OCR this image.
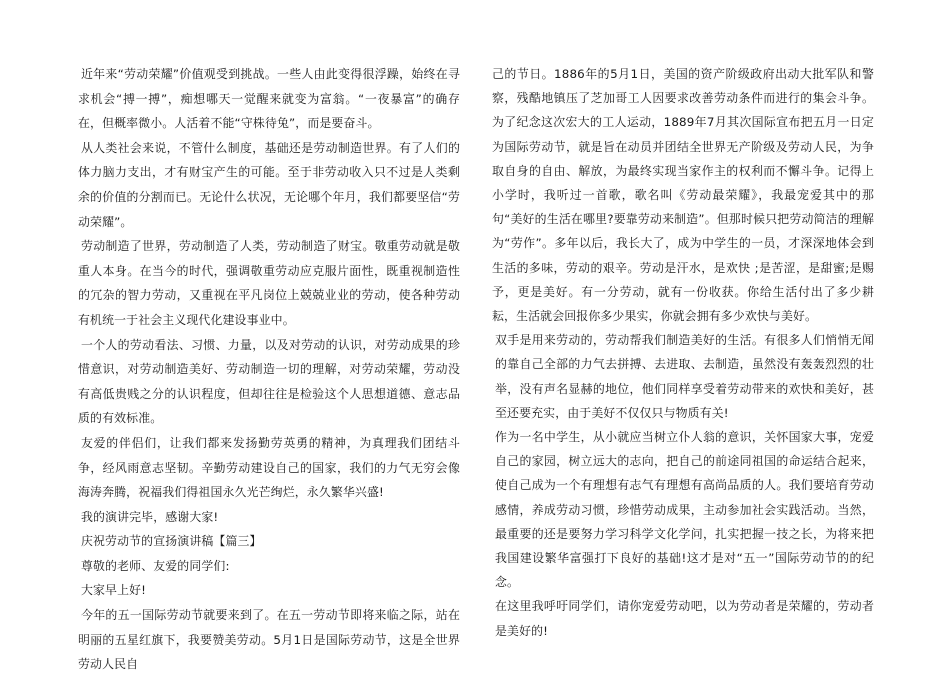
近年来“劳动荣耀”价值观受到挑战。一些人由此变得很浮躁，始终在寻求机会“搏一搏”，痴想哪天一觉醒来就变为富翁。“一夜暴富”的确存在，但概率微小。人活着不能“守株待兔”，而是要奋斗。

从人类社会来说，不管什么制度，基础还是劳动制造世界。有了人们的体力脑力支出，才有财宝产生的可能。至于非劳动收入只不过是人类剩余的价值的分割而已。无论什么状况，无论哪个年月，我们都要坚信“劳动荣耀”。

劳动制造了世界，劳动制造了人类，劳动制造了财宝。敬重劳动就是敬重人本身。在当今的时代，强调敬重劳动应克服片面性，既重视制造性的冗杂的智力劳动，又重视在平凡岗位上兢兢业业的劳动，使各种劳动有机统一于社会主义现代化建设事业中。

一个人的劳动看法、习惯、力量，以及对劳动的认识，对劳动成果的珍惜意识，对劳动制造美好、劳动制造一切的理解，对劳动荣耀，劳动没有高低贵贱之分的认识程度，但却往往是检验这个人思想道德、意志品质的有效标准。

友爱的伴侣们，让我们都来发扬勤劳英勇的精神，为真理我们团结斗争，经风雨意志坚韧。辛勤劳动建设自己的国家，我们的力气无穷会像海涛奔腾，祝福我们得祖国永久光芒绚烂，永久繁华兴盛!

我的演讲完毕，感谢大家!

庆祝劳动节的宣扬演讲稿【篇三】

尊敬的老师、友爱的同学们:

大家早上好!

今年的五一国际劳动节就要来到了。在五一劳动节即将来临之际，站在明丽的五星红旗下，我要赞美劳动。5月1日是国际劳动节，这是全世界劳动人民自

己的节日。1886年的5月1日，美国的资产阶级政府出动大批军队和警察，残酷地镇压了芝加哥工人因要求改善劳动条件而进行的集会斗争。为了纪念这次宏大的工人运动，1889年7月其次国际宣布把五月一日定为国际劳动节，就是旨在动员并团结全世界无产阶级及劳动人民，为争取自身的自由、解放，为最终实现当家作主的权利而不懈斗争。记得上小学时，我听过一首歌，歌名叫《劳动最荣耀》，我最宠爱其中的那句“美好的生活在哪里?要靠劳动来制造”。但那时候只把劳动简洁的理解为“劳作”。多年以后，我长大了，成为中学生的一员，才深深地体会到生活的多味，劳动的艰辛。劳动是汗水，是欢快 ;是苦涩，是甜蜜;是赐予，更是美好。有一分劳动，就有一份收获。你给生活付出了多少耕耘，生活就会回报你多少果实，你就会拥有多少欢快与美好。

双手是用来劳动的，劳动帮我们制造美好的生活。有很多人们悄悄无闻的靠自己全部的力气去拼搏、去进取、去制造，虽然没有轰轰烈烈的壮举，没有声名显赫的地位，他们同样享受着劳动带来的欢快和美好，甚至还要充实，由于美好不仅仅只与物质有关!

作为一名中学生，从小就应当树立仆人翁的意识，关怀国家大事，宠爱自己的家园，树立远大的志向，把自己的前途同祖国的命运结合起来，使自己成为一个有理想有志气有理想有高尚品质的人。我们要培育劳动感情，养成劳动习惯，珍惜劳动成果，主动参加社会实践活动。当然，最重要的还是要努力学习科学文化学问，扎实把握一技之长，为将来把我国建设繁华富强打下良好的基础!这才是对“五一”国际劳动节的的纪念。

在这里我呼吁同学们，请你宠爱劳动吧，以为劳动者是荣耀的，劳动者是美好的!
